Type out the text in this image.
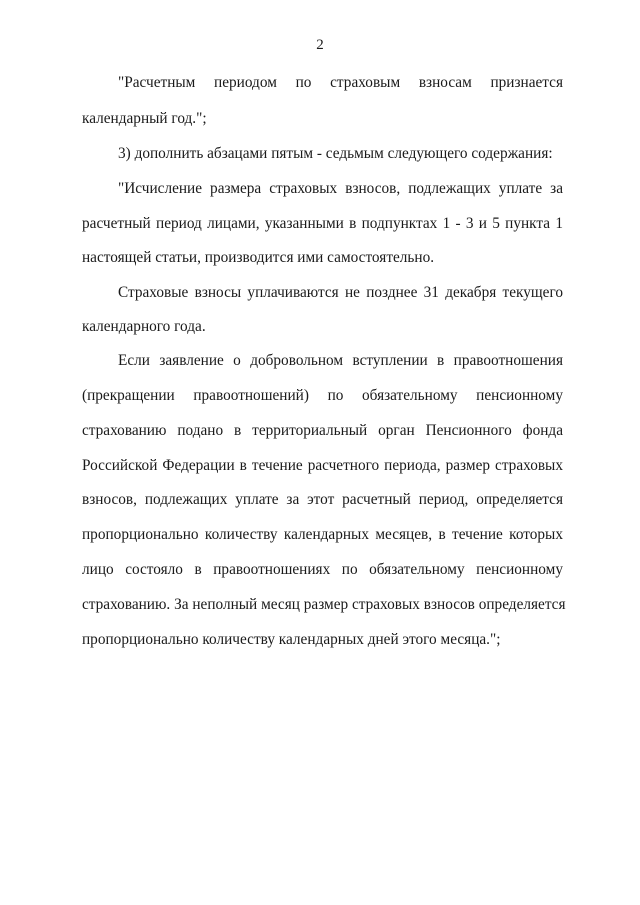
2
"Расчетным периодом по страховым взносам признается
календарный год.";
3) дополнить абзацами пятым - седьмым следующего содержания:
"Исчисление размера страховых взносов, подлежащих уплате за
расчетный период лицами, указанными в подпунктах 1 - 3 и 5 пункта 1
настоящей статьи, производится ими самостоятельно.
Страховые взносы уплачиваются не позднее 31 декабря текущего
календарного года.
Если заявление о добровольном вступлении в правоотношения
(прекращении правоотношений) по обязательному пенсионному
страхованию подано в территориальный орган Пенсионного фонда
Российской Федерации в течение расчетного периода, размер страховых
взносов, подлежащих уплате за этот расчетный период, определяется
пропорционально количеству календарных месяцев, в течение которых
лицо состояло в правоотношениях по обязательному пенсионному
страхованию. За неполный месяц размер страховых взносов определяется
пропорционально количеству календарных дней этого месяца.";
